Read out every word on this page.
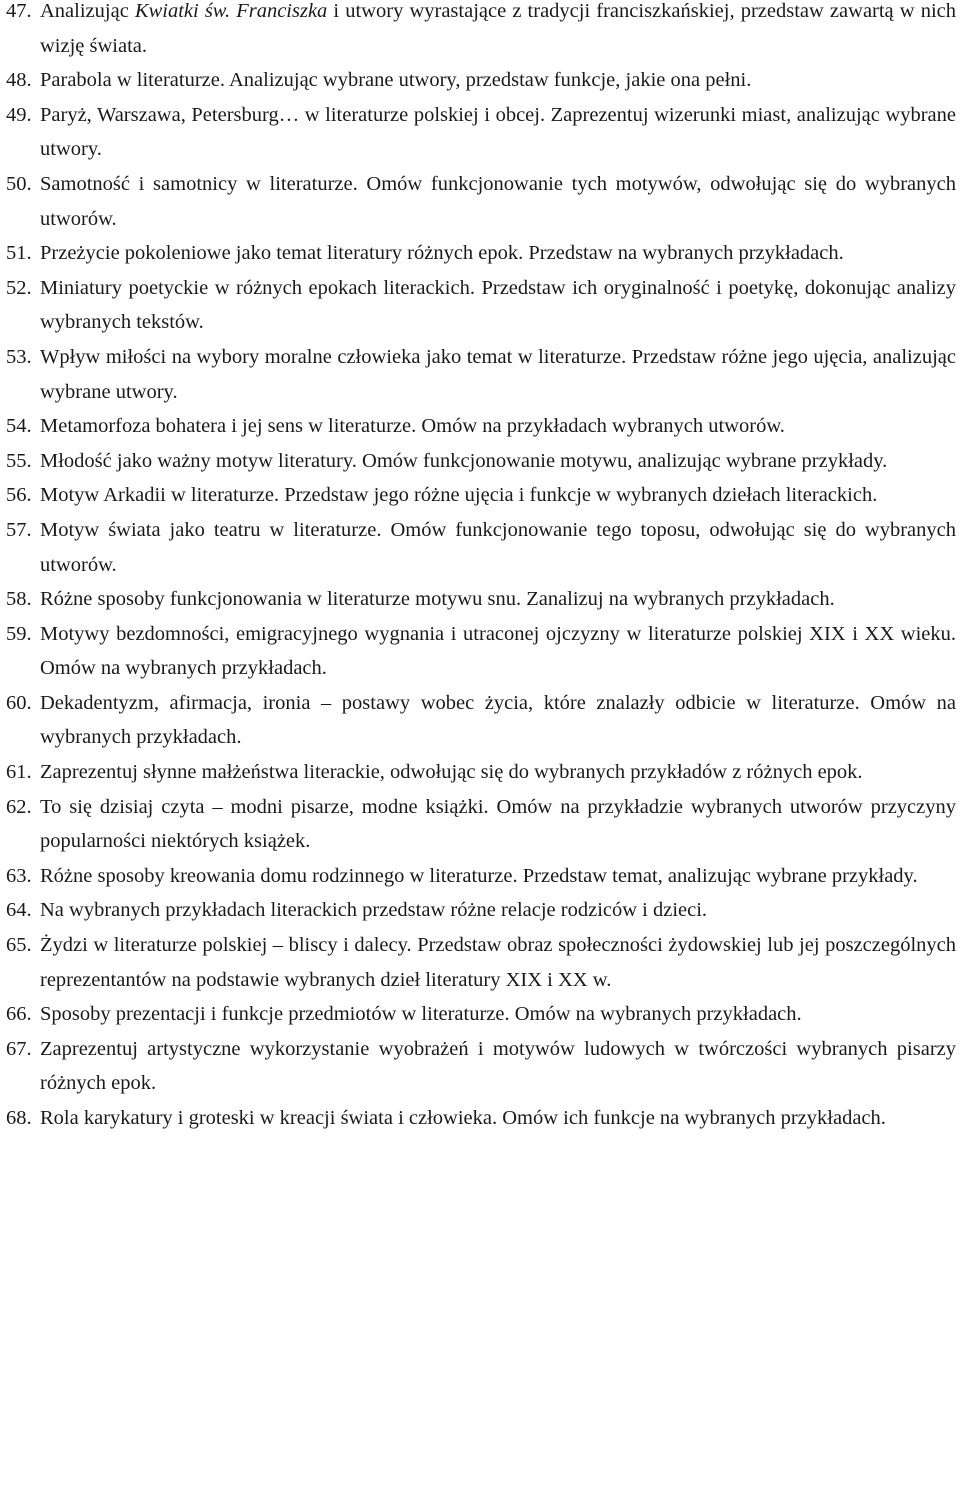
47. Analizując Kwiatki św. Franciszka i utwory wyrastające z tradycji franciszkańskiej, przedstaw zawartą w nich wizję świata.

48. Parabola w literaturze. Analizując wybrane utwory, przedstaw funkcje, jakie ona pełni.

49. Paryż, Warszawa, Petersburg… w literaturze polskiej i obcej. Zaprezentuj wizerunki miast, analizując wybrane utwory.

50. Samotność i samotnicy w literaturze. Omów funkcjonowanie tych motywów, odwołując się do wybranych utworów.

51. Przeżycie pokoleniowe jako temat literatury różnych epok. Przedstaw na wybranych przykładach.

52. Miniatury poetyckie w różnych epokach literackich. Przedstaw ich oryginalność i poetykę, dokonując analizy wybranych tekstów.

53. Wpływ miłości na wybory moralne człowieka jako temat w literaturze. Przedstaw różne jego ujęcia, analizując wybrane utwory.

54. Metamorfoza bohatera i jej sens w literaturze. Omów na przykładach wybranych utworów.

55. Młodość jako ważny motyw literatury. Omów funkcjonowanie motywu, analizując wybrane przykłady.

56. Motyw Arkadii w literaturze. Przedstaw jego różne ujęcia i funkcje w wybranych dziełach literackich.

57. Motyw świata jako teatru w literaturze. Omów funkcjonowanie tego toposu, odwołując się do wybranych utworów.

58. Różne sposoby funkcjonowania w literaturze motywu snu. Zanalizuj na wybranych przykładach.

59. Motywy bezdomności, emigracyjnego wygnania i utraconej ojczyzny w literaturze polskiej XIX i XX wieku. Omów na wybranych przykładach.

60. Dekadentyzm, afirmacja, ironia – postawy wobec życia, które znalazły odbicie w literaturze. Omów na wybranych przykładach.

61. Zaprezentuj słynne małżeństwa literackie, odwołując się do wybranych przykładów z różnych epok.

62. To się dzisiaj czyta – modni pisarze, modne książki. Omów na przykładzie wybranych utworów przyczyny popularności niektórych książek.

63. Różne sposoby kreowania domu rodzinnego w literaturze. Przedstaw temat, analizując wybrane przykłady.

64. Na wybranych przykładach literackich przedstaw różne relacje rodziców i dzieci.

65. Żydzi w literaturze polskiej – bliscy i dalecy. Przedstaw obraz społeczności żydowskiej lub jej poszczególnych reprezentantów na podstawie wybranych dzieł literatury XIX i XX w.

66. Sposoby prezentacji i funkcje przedmiotów w literaturze. Omów na wybranych przykładach.

67. Zaprezentuj artystyczne wykorzystanie wyobrażeń i motywów ludowych w twórczości wybranych pisarzy różnych epok.

68. Rola karykatury i groteski w kreacji świata i człowieka. Omów ich funkcje na wybranych przykładach.
